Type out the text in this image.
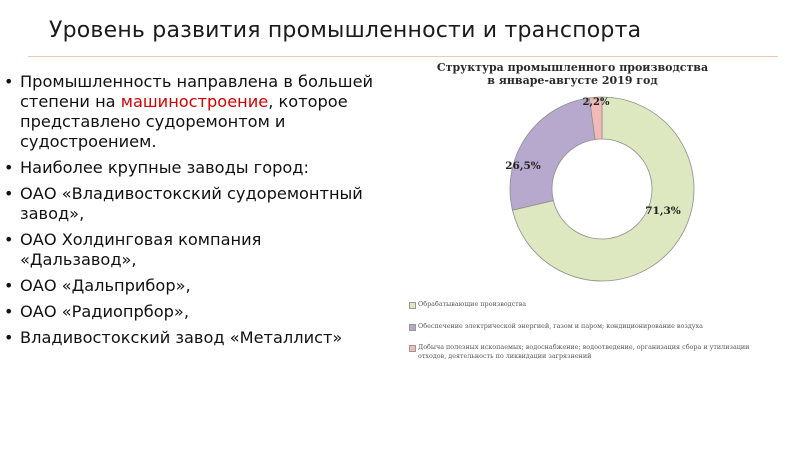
Уровень развития промышленности и транспорта
• Промышленность направлена в большей степени на машиностроение, которое представлено судоремонтом и судостроением.
• Наиболее крупные заводы город:
• ОАО «Владивостокский судоремонтный завод»,
• ОАО Холдинговая компания «Дальзавод»,
• ОАО «Дальприбор»,
• ОАО «Радиопрбор»,
• Владивостокский завод «Металлист»
Структура промышленного производства
в январе-августе 2019 год
71,3%
26,5%
2,2%
Обрабатывающие производства
Обеспечение электрической энергией, газом и паром; кондиционирование воздуха
Добыча полезных ископаемых; водоснабжение; водоотведение, организация сбора и утилизации отходов, деятельность по ликвидации загрязнений
